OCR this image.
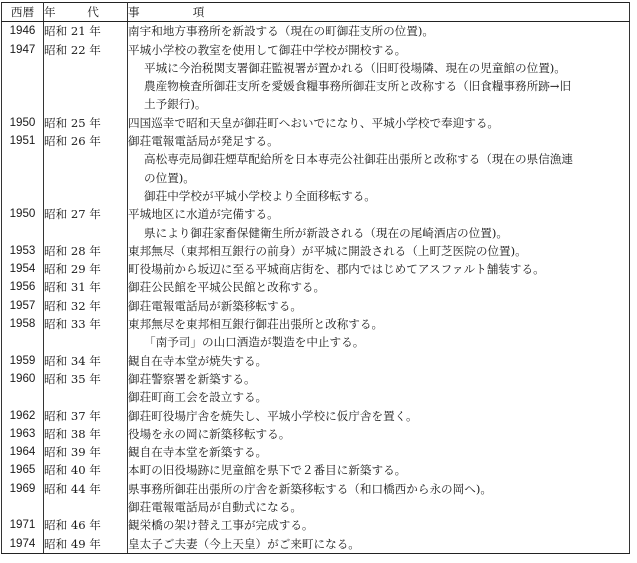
西暦	年　代	事　　項
1946	昭和 21 年	南宇和地方事務所を新設する（現在の町御荘支所の位置)。
1947	昭和 22 年	平城小学校の教室を使用して御荘中学校が開校する。
		平城に今治税関支署御荘監視署が置かれる（旧町役場隣、現在の児童館の位置)。
		農産物検査所御荘支所を愛媛食糧事務所御荘支所と改称する（旧食糧事務所跡→旧
		土予銀行)。
1950	昭和 25 年	四国巡幸で昭和天皇が御荘町へおいでになり、平城小学校で奉迎する。
1951	昭和 26 年	御荘電報電話局が発足する。
		高松専売局御荘煙草配給所を日本専売公社御荘出張所と改称する（現在の県信漁連
		の位置)。
		御荘中学校が平城小学校より全面移転する。
1950	昭和 27 年	平城地区に水道が完備する。
		県により御荘家畜保健衛生所が新設される（現在の尾崎酒店の位置)。
1953	昭和 28 年	東邦無尽（東邦相互銀行の前身）が平城に開設される（上町芝医院の位置)。
1954	昭和 29 年	町役場前から坂辺に至る平城商店街を、郡内ではじめてアスファルト舗装する。
1956	昭和 31 年	御荘公民館を平城公民館と改称する。
1957	昭和 32 年	御荘電報電話局が新築移転する。
1958	昭和 33 年	東邦無尽を東邦相互銀行御荘出張所と改称する。
		「南予司」の山口酒造が製造を中止する。
1959	昭和 34 年	観自在寺本堂が焼失する。
1960	昭和 35 年	御荘警察署を新築する。
		御荘町商工会を設立する。
1962	昭和 37 年	御荘町役場庁舎を焼失し、平城小学校に仮庁舎を置く。
1963	昭和 38 年	役場を永の岡に新築移転する。
1964	昭和 39 年	観自在寺本堂を新築する。
1965	昭和 40 年	本町の旧役場跡に児童館を県下で２番目に新築する。
1969	昭和 44 年	県事務所御荘出張所の庁舎を新築移転する（和口橋西から永の岡へ)。
		御荘電報電話局が自動式になる。
1971	昭和 46 年	観栄橋の架け替え工事が完成する。
1974	昭和 49 年	皇太子ご夫妻（今上天皇）がご来町になる。
